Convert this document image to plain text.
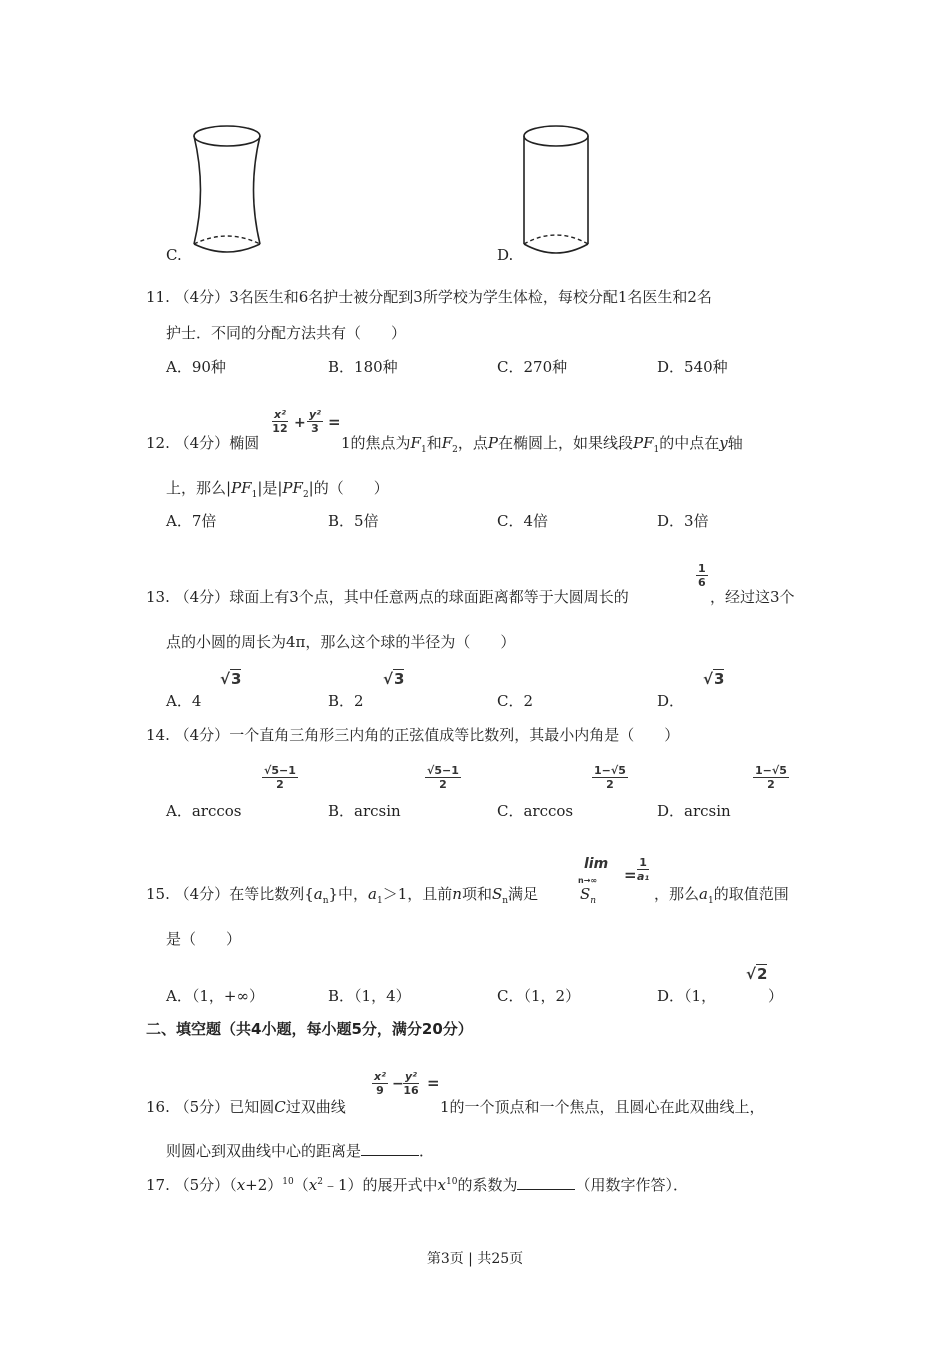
C.	D.
11. （4分）3名医生和6名护士被分配到3所学校为学生体检，每校分配1名医生和2名
护士．不同的分配方法共有（　　）
A．90种	B．180种	C．270种	D．540种
$\frac{\text{x²}}{12} + \frac{\text{y²}}{3}$ =
12. （4分）椭圆	1的焦点为$F_1$和$F_2$，点P在椭圆上，如果线段$PF_1$的中点在y轴
上，那么$|PF_1|$是$|PF_2|$的（　　）
A．7倍	B．5倍	C．4倍	D．3倍
$\frac{1}{6}$
13. （4分）球面上有3个点，其中任意两点的球面距离都等于大圆周长的	，经过这3个
点的小圆的周长为4π，那么这个球的半径为（　　）
A．4
√3
B．2
√3
C．2	D．
√3
14. （4分）一个直角三角形三内角的正弦值成等比数列，其最小内角是（　　）
$\frac{√5-1}{2}$	$\frac{√5-1}{2}$	$\frac{1-√5}{2}$	$\frac{1-√5}{2}$
A．arccos	B．arcsin	C．arccos	D．arcsin
lim
$n\to\infty = \frac{1}{\text{a₁}}$
15. （4分）在等比数列$\{a_n\}$中，$a_1>1$，且前n项和$S_n$满足	$S_n$	，那么$a_1$的取值范围
是（　　）
A．（1，+∞）	B．（1，4）	C．（1，2）	D．（1，
√2
）
二、填空题（共4小题，每小题5分，满分20分）
$\frac{\text{x²}}{9} - \frac{\text{y²}}{16}$ =
16. （5分）已知圆C过双曲线	1的一个顶点和一个焦点，且圆心在此双曲线上，
则圆心到双曲线中心的距离是	．
17. （5分）$(x+2)^{10}(x^2﹣1)$的展开式中$x^{10}$的系数为	（用数字作答）．
第3页 | 共25页
